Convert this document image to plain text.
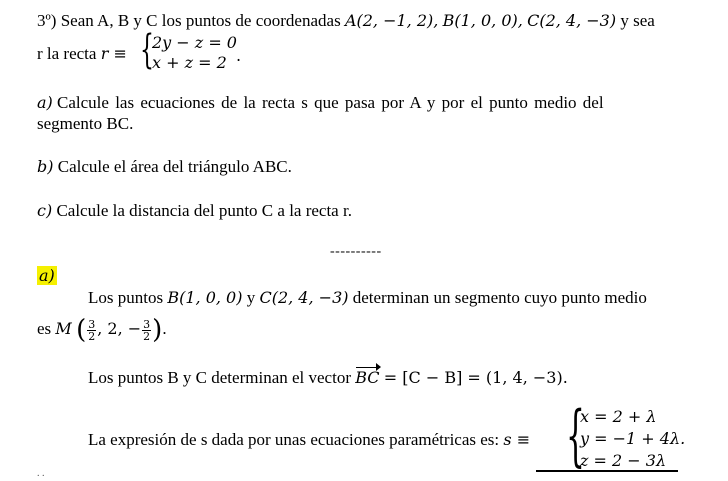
3º) Sean A, B y C los puntos de coordenadas A(2, −1, 2), B(1, 0, 0), C(2, 4, −3) y sea
r la recta r ≡ {
2y − z = 0
x + z = 2 .
a) Calcule las ecuaciones de la recta s que pasa por A y por el punto medio del
segmento BC.
b) Calcule el área del triángulo ABC.
c) Calcule la distancia del punto C a la recta r.
----------
a)
Los puntos B(1, 0, 0) y C(2, 4, −3) determinan un segmento cuyo punto medio
es M ( $\frac{3}{2}$ , 2, − $\frac{3}{2}$ ).
Los puntos B y C determinan el vector BC = [C − B] = (1, 4, −3).
La expresión de s dada por unas ecuaciones paramétricas es: s ≡ {
x = 2 + λ
y = −1 + 4λ.
z = 2 − 3λ
. .
